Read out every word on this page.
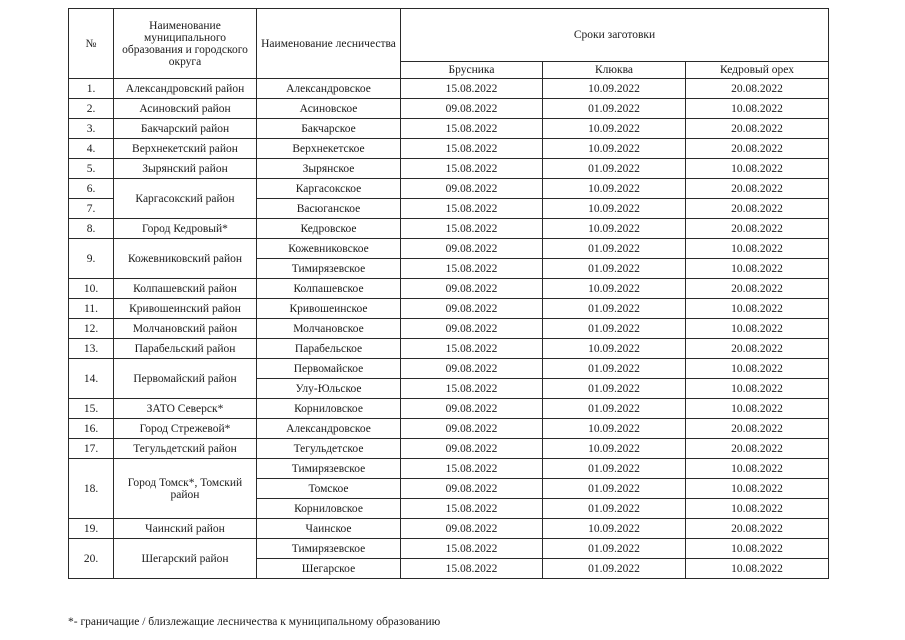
№	Наименование муниципального образования и городского округа	Наименование лесничества	Сроки заготовки		
			Брусника	Клюква	Кедровый орех
1.	Александровский район	Александровское	15.08.2022	10.09.2022	20.08.2022
2.	Асиновский район	Асиновское	09.08.2022	01.09.2022	10.08.2022
3.	Бакчарский район	Бакчарское	15.08.2022	10.09.2022	20.08.2022
4.	Верхнекетский район	Верхнекетское	15.08.2022	10.09.2022	20.08.2022
5.	Зырянский район	Зырянское	15.08.2022	01.09.2022	10.08.2022
6.	Каргасокский район	Каргасокское	09.08.2022	10.09.2022	20.08.2022
7.		Васюганское	15.08.2022	10.09.2022	20.08.2022
8.	Город Кедровый*	Кедровское	15.08.2022	10.09.2022	20.08.2022
9.	Кожевниковский район	Кожевниковское	09.08.2022	01.09.2022	10.08.2022
		Тимирязевское	15.08.2022	01.09.2022	10.08.2022
10.	Колпашевский район	Колпашевское	09.08.2022	10.09.2022	20.08.2022
11.	Кривошеинский район	Кривошеинское	09.08.2022	01.09.2022	10.08.2022
12.	Молчановский район	Молчановское	09.08.2022	01.09.2022	10.08.2022
13.	Парабельский район	Парабельское	15.08.2022	10.09.2022	20.08.2022
14.	Первомайский район	Первомайское	09.08.2022	01.09.2022	10.08.2022
		Улу-Юльское	15.08.2022	01.09.2022	10.08.2022
15.	ЗАТО Северск*	Корниловское	09.08.2022	01.09.2022	10.08.2022
16.	Город Стрежевой*	Александровское	09.08.2022	10.09.2022	20.08.2022
17.	Тегульдетский район	Тегульдетское	09.08.2022	10.09.2022	20.08.2022
18.	Город Томск*, Томский район	Тимирязевское	15.08.2022	01.09.2022	10.08.2022
		Томское	09.08.2022	01.09.2022	10.08.2022
		Корниловское	15.08.2022	01.09.2022	10.08.2022
19.	Чаинский район	Чаинское	09.08.2022	10.09.2022	20.08.2022
20.	Шегарский район	Тимирязевское	15.08.2022	01.09.2022	10.08.2022
		Шегарское	15.08.2022	01.09.2022	10.08.2022
*- граничащие / близлежащие лесничества к муниципальному образованию
